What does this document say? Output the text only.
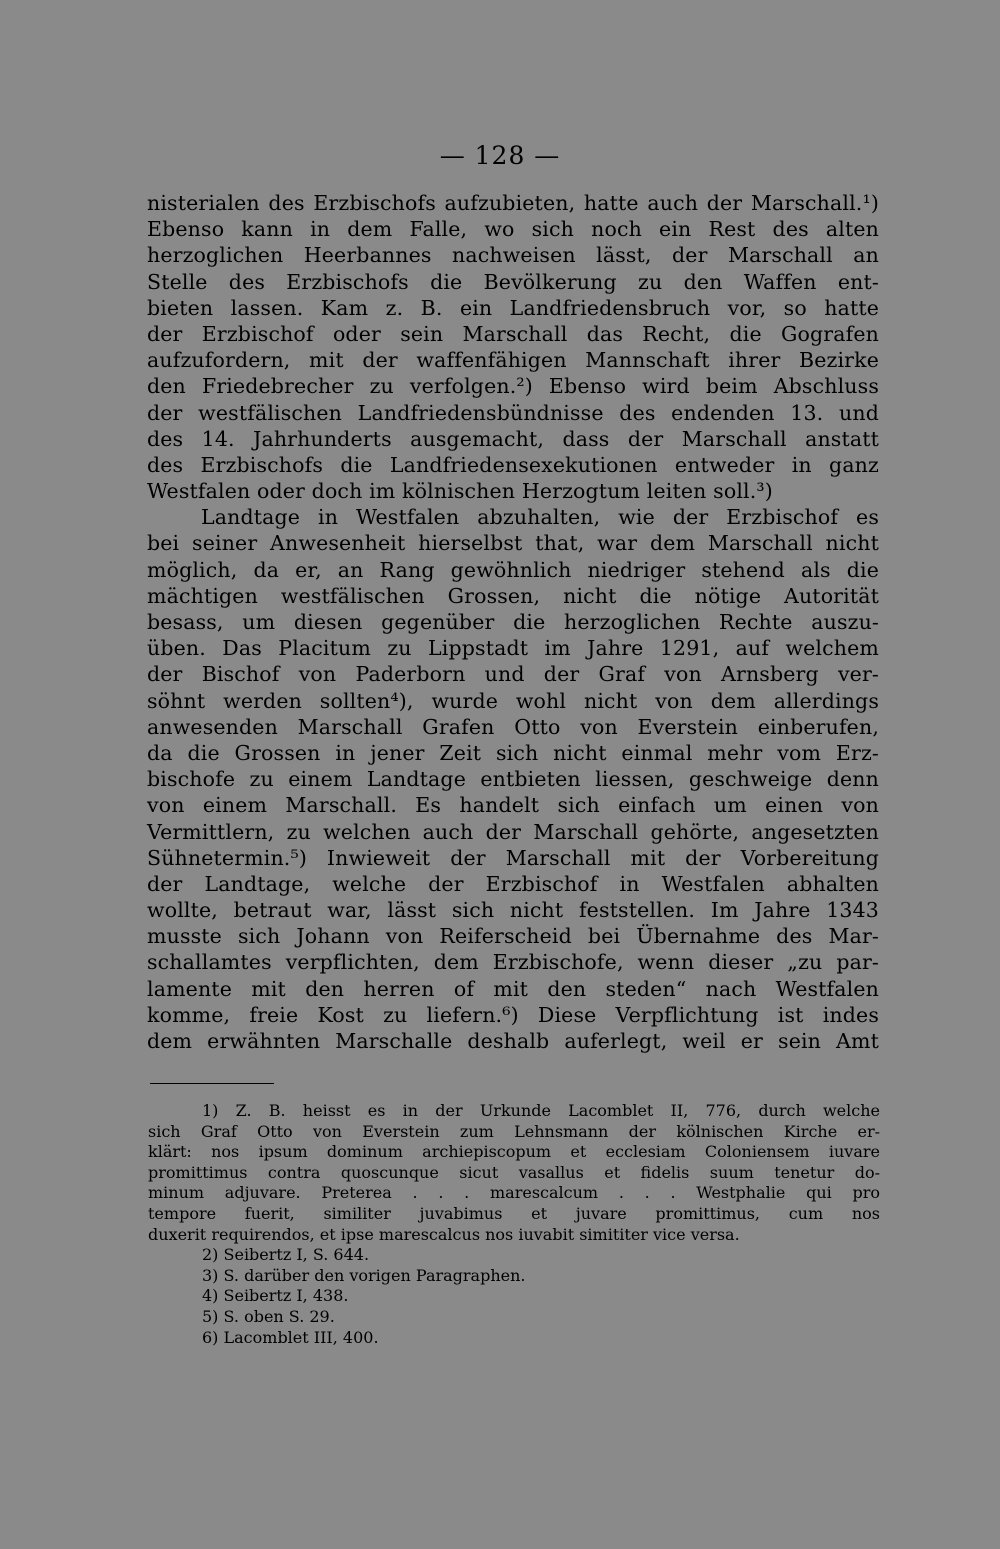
— 128 —
nisterialen des Erzbischofs aufzubieten, hatte auch der Marschall.¹)
Ebenso kann in dem Falle, wo sich noch ein Rest des alten
herzoglichen Heerbannes nachweisen lässt, der Marschall an
Stelle des Erzbischofs die Bevölkerung zu den Waffen ent-
bieten lassen. Kam z. B. ein Landfriedensbruch vor, so hatte
der Erzbischof oder sein Marschall das Recht, die Gografen
aufzufordern, mit der waffenfähigen Mannschaft ihrer Bezirke
den Friedebrecher zu verfolgen.²) Ebenso wird beim Abschluss
der westfälischen Landfriedensbündnisse des endenden 13. und
des 14. Jahrhunderts ausgemacht, dass der Marschall anstatt
des Erzbischofs die Landfriedensexekutionen entweder in ganz
Westfalen oder doch im kölnischen Herzogtum leiten soll.³)
Landtage in Westfalen abzuhalten, wie der Erzbischof es
bei seiner Anwesenheit hierselbst that, war dem Marschall nicht
möglich, da er, an Rang gewöhnlich niedriger stehend als die
mächtigen westfälischen Grossen, nicht die nötige Autorität
besass, um diesen gegenüber die herzoglichen Rechte auszu-
üben. Das Placitum zu Lippstadt im Jahre 1291, auf welchem
der Bischof von Paderborn und der Graf von Arnsberg ver-
söhnt werden sollten⁴), wurde wohl nicht von dem allerdings
anwesenden Marschall Grafen Otto von Everstein einberufen,
da die Grossen in jener Zeit sich nicht einmal mehr vom Erz-
bischofe zu einem Landtage entbieten liessen, geschweige denn
von einem Marschall. Es handelt sich einfach um einen von
Vermittlern, zu welchen auch der Marschall gehörte, angesetzten
Sühnetermin.⁵) Inwieweit der Marschall mit der Vorbereitung
der Landtage, welche der Erzbischof in Westfalen abhalten
wollte, betraut war, lässt sich nicht feststellen. Im Jahre 1343
musste sich Johann von Reiferscheid bei Übernahme des Mar-
schallamtes verpflichten, dem Erzbischofe, wenn dieser „zu par-
lamente mit den herren of mit den steden“ nach Westfalen
komme, freie Kost zu liefern.⁶) Diese Verpflichtung ist indes
dem erwähnten Marschalle deshalb auferlegt, weil er sein Amt
1) Z. B. heisst es in der Urkunde Lacomblet II, 776, durch welche
sich Graf Otto von Everstein zum Lehnsmann der kölnischen Kirche er-
klärt: nos ipsum dominum archiepiscopum et ecclesiam Coloniensem iuvare
promittimus contra quoscunque sicut vasallus et fidelis suum tenetur do-
minum adjuvare. Preterea . . . marescalcum . . . Westphalie qui pro
tempore fuerit, similiter juvabimus et juvare promittimus, cum nos
duxerit requirendos, et ipse marescalcus nos iuvabit simititer vice versa.
2) Seibertz I, S. 644.
3) S. darüber den vorigen Paragraphen.
4) Seibertz I, 438.
5) S. oben S. 29.
6) Lacomblet III, 400.
